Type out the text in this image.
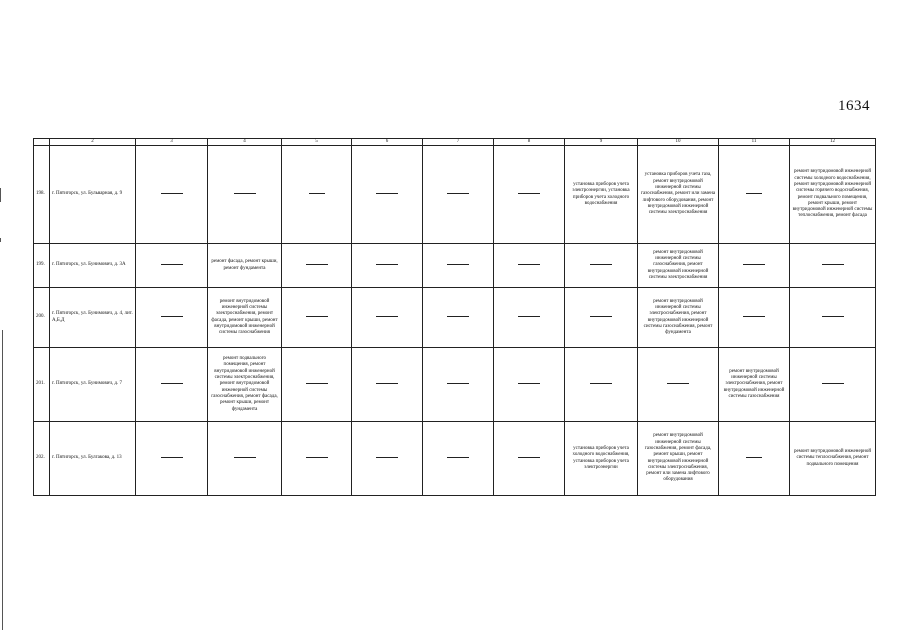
1634
	2	3	4	5	6	7	8	9	10	11	12
198.	г. Пятигорск, ул. Бульварная, д. 9							установка приборов учета электроэнергии, установка приборов учета холодного водоснабжения	установка приборов учета газа, ремонт внутридомовой инженерной системы газоснабжения, ремонт или замена лифтового оборудования, ремонт внутридомовой инженерной системы электроснабжения		ремонт внутридомовой инженерной системы холодного водоснабжения, ремонт внутридомовой инженерной системы горячего водоснабжения, ремонт подвального помещения, ремонт крыши, ремонт внутридомовой инженерной системы теплоснабжения, ремонт фасада
199.	г. Пятигорск, ул. Бунимович, д. 3А		ремонт фасада, ремонт крыши, ремонт фундамента						ремонт внутридомовой инженерной системы газоснабжения, ремонт внутридомовой инженерной системы электроснабжения		
200.	г. Пятигорск, ул. Бунимович, д. 4, лит. А,Б,Д		ремонт внутридомовой инженерной системы электроснабжения, ремонт фасада, ремонт крыши, ремонт внутридомовой инженерной системы газоснабжения						ремонт внутридомовой инженерной системы электроснабжения, ремонт внутридомовой инженерной системы газоснабжения, ремонт фундамента		
201.	г. Пятигорск, ул. Бунимович, д. 7		ремонт подвального помещения, ремонт внутридомовой инженерной системы электроснабжения, ремонт внутридомовой инженерной системы газоснабжения, ремонт фасада, ремонт крыши, ремонт фундамента							ремонт внутридомовой инженерной системы электроснабжения, ремонт внутридомовой инженерной системы газоснабжения	
202.	г. Пятигорск, ул. Булгакова, д. 13							установка приборов учета холодного водоснабжения, установка приборов учета электроэнергии	ремонт внутридомовой инженерной системы газоснабжения, ремонт фасада, ремонт крыши, ремонт внутридомовой инженерной системы электроснабжения, ремонт или замена лифтового оборудования		ремонт внутридомовой инженерной системы теплоснабжения, ремонт подвального помещения
